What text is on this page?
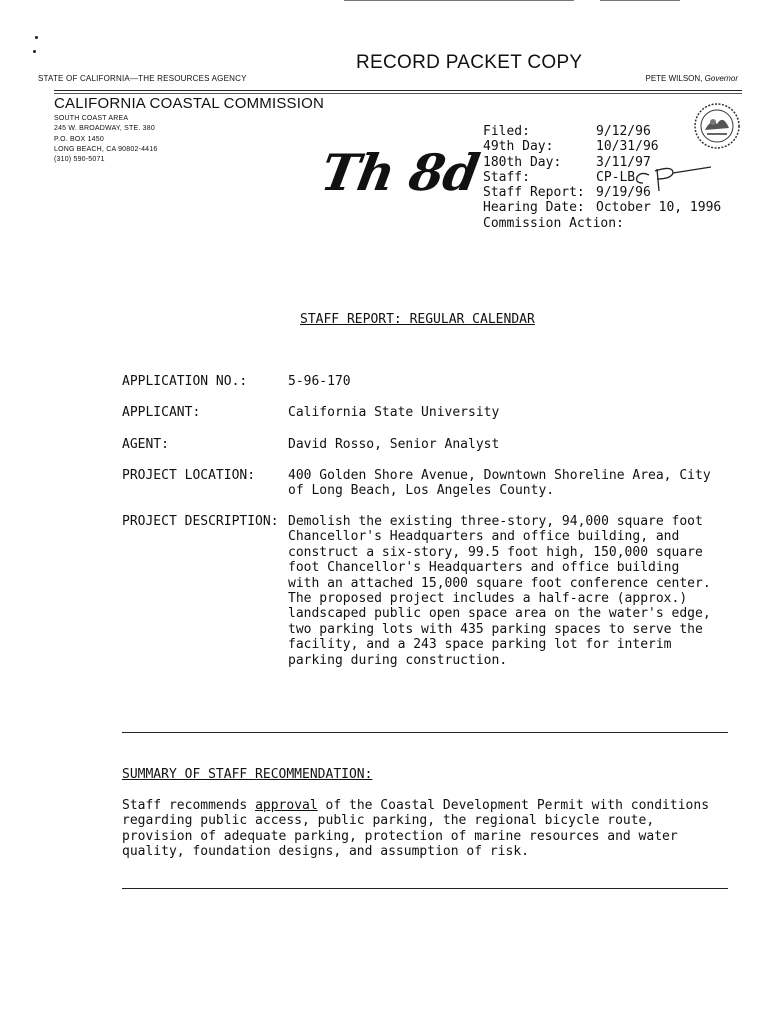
RECORD PACKET COPY
STATE OF CALIFORNIA—THE RESOURCES AGENCY	PETE WILSON, Governor
CALIFORNIA COASTAL COMMISSION
SOUTH COAST AREA
245 W. BROADWAY, STE. 380
P.O. BOX 1450
LONG BEACH, CA 90802-4416
(310) 590-5071	Th 8d
Filed:	9/12/96
49th Day:	10/31/96
180th Day:	3/11/97
Staff:	CP-LB
Staff Report: 9/19/96
Hearing Date: October 10, 1996
Commission Action:
STAFF REPORT: REGULAR CALENDAR
APPLICATION NO.:	5-96-170
APPLICANT:	California State University
AGENT:	David Rosso, Senior Analyst
PROJECT LOCATION:	400 Golden Shore Avenue, Downtown Shoreline Area, City of Long Beach, Los Angeles County.
PROJECT DESCRIPTION: Demolish the existing three-story, 94,000 square foot Chancellor's Headquarters and office building, and construct a six-story, 99.5 foot high, 150,000 square foot Chancellor's Headquarters and office building with an attached 15,000 square foot conference center. The proposed project includes a half-acre (approx.) landscaped public open space area on the water's edge, two parking lots with 435 parking spaces to serve the facility, and a 243 space parking lot for interim parking during construction.
SUMMARY OF STAFF RECOMMENDATION:
Staff recommends approval of the Coastal Development Permit with conditions regarding public access, public parking, the regional bicycle route, provision of adequate parking, protection of marine resources and water quality, foundation designs, and assumption of risk.
